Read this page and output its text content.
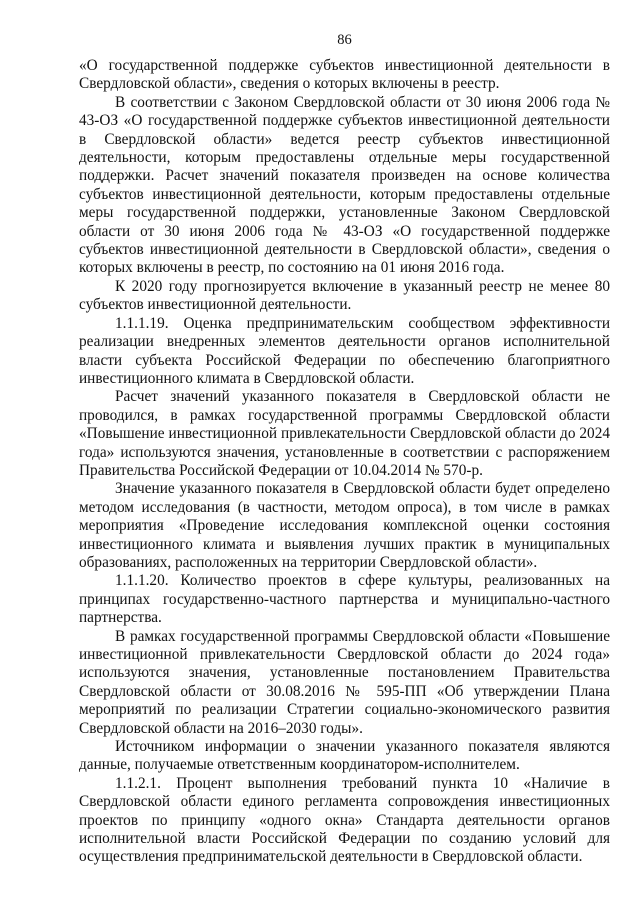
86

«О государственной поддержке субъектов инвестиционной деятельности в Свердловской области», сведения о которых включены в реестр.

В соответствии с Законом Свердловской области от 30 июня 2006 года № 43-ОЗ «О государственной поддержке субъектов инвестиционной деятельности в Свердловской области» ведется реестр субъектов инвестиционной деятельности, которым предоставлены отдельные меры государственной поддержки. Расчет значений показателя произведен на основе количества субъектов инвестиционной деятельности, которым предоставлены отдельные меры государственной поддержки, установленные Законом Свердловской области от 30 июня 2006 года № 43-ОЗ «О государственной поддержке субъектов инвестиционной деятельности в Свердловской области», сведения о которых включены в реестр, по состоянию на 01 июня 2016 года.

К 2020 году прогнозируется включение в указанный реестр не менее 80 субъектов инвестиционной деятельности.

1.1.1.19. Оценка предпринимательским сообществом эффективности реализации внедренных элементов деятельности органов исполнительной власти субъекта Российской Федерации по обеспечению благоприятного инвестиционного климата в Свердловской области.

Расчет значений указанного показателя в Свердловской области не проводился, в рамках государственной программы Свердловской области «Повышение инвестиционной привлекательности Свердловской области до 2024 года» используются значения, установленные в соответствии с распоряжением Правительства Российской Федерации от 10.04.2014 № 570-р.

Значение указанного показателя в Свердловской области будет определено методом исследования (в частности, методом опроса), в том числе в рамках мероприятия «Проведение исследования комплексной оценки состояния инвестиционного климата и выявления лучших практик в муниципальных образованиях, расположенных на территории Свердловской области».

1.1.1.20. Количество проектов в сфере культуры, реализованных на принципах государственно-частного партнерства и муниципально-частного партнерства.

В рамках государственной программы Свердловской области «Повышение инвестиционной привлекательности Свердловской области до 2024 года» используются значения, установленные постановлением Правительства Свердловской области от 30.08.2016 № 595-ПП «Об утверждении Плана мероприятий по реализации Стратегии социально-экономического развития Свердловской области на 2016–2030 годы».

Источником информации о значении указанного показателя являются данные, получаемые ответственным координатором-исполнителем.

1.1.2.1. Процент выполнения требований пункта 10 «Наличие в Свердловской области единого регламента сопровождения инвестиционных проектов по принципу «одного окна» Стандарта деятельности органов исполнительной власти Российской Федерации по созданию условий для осуществления предпринимательской деятельности в Свердловской области.
